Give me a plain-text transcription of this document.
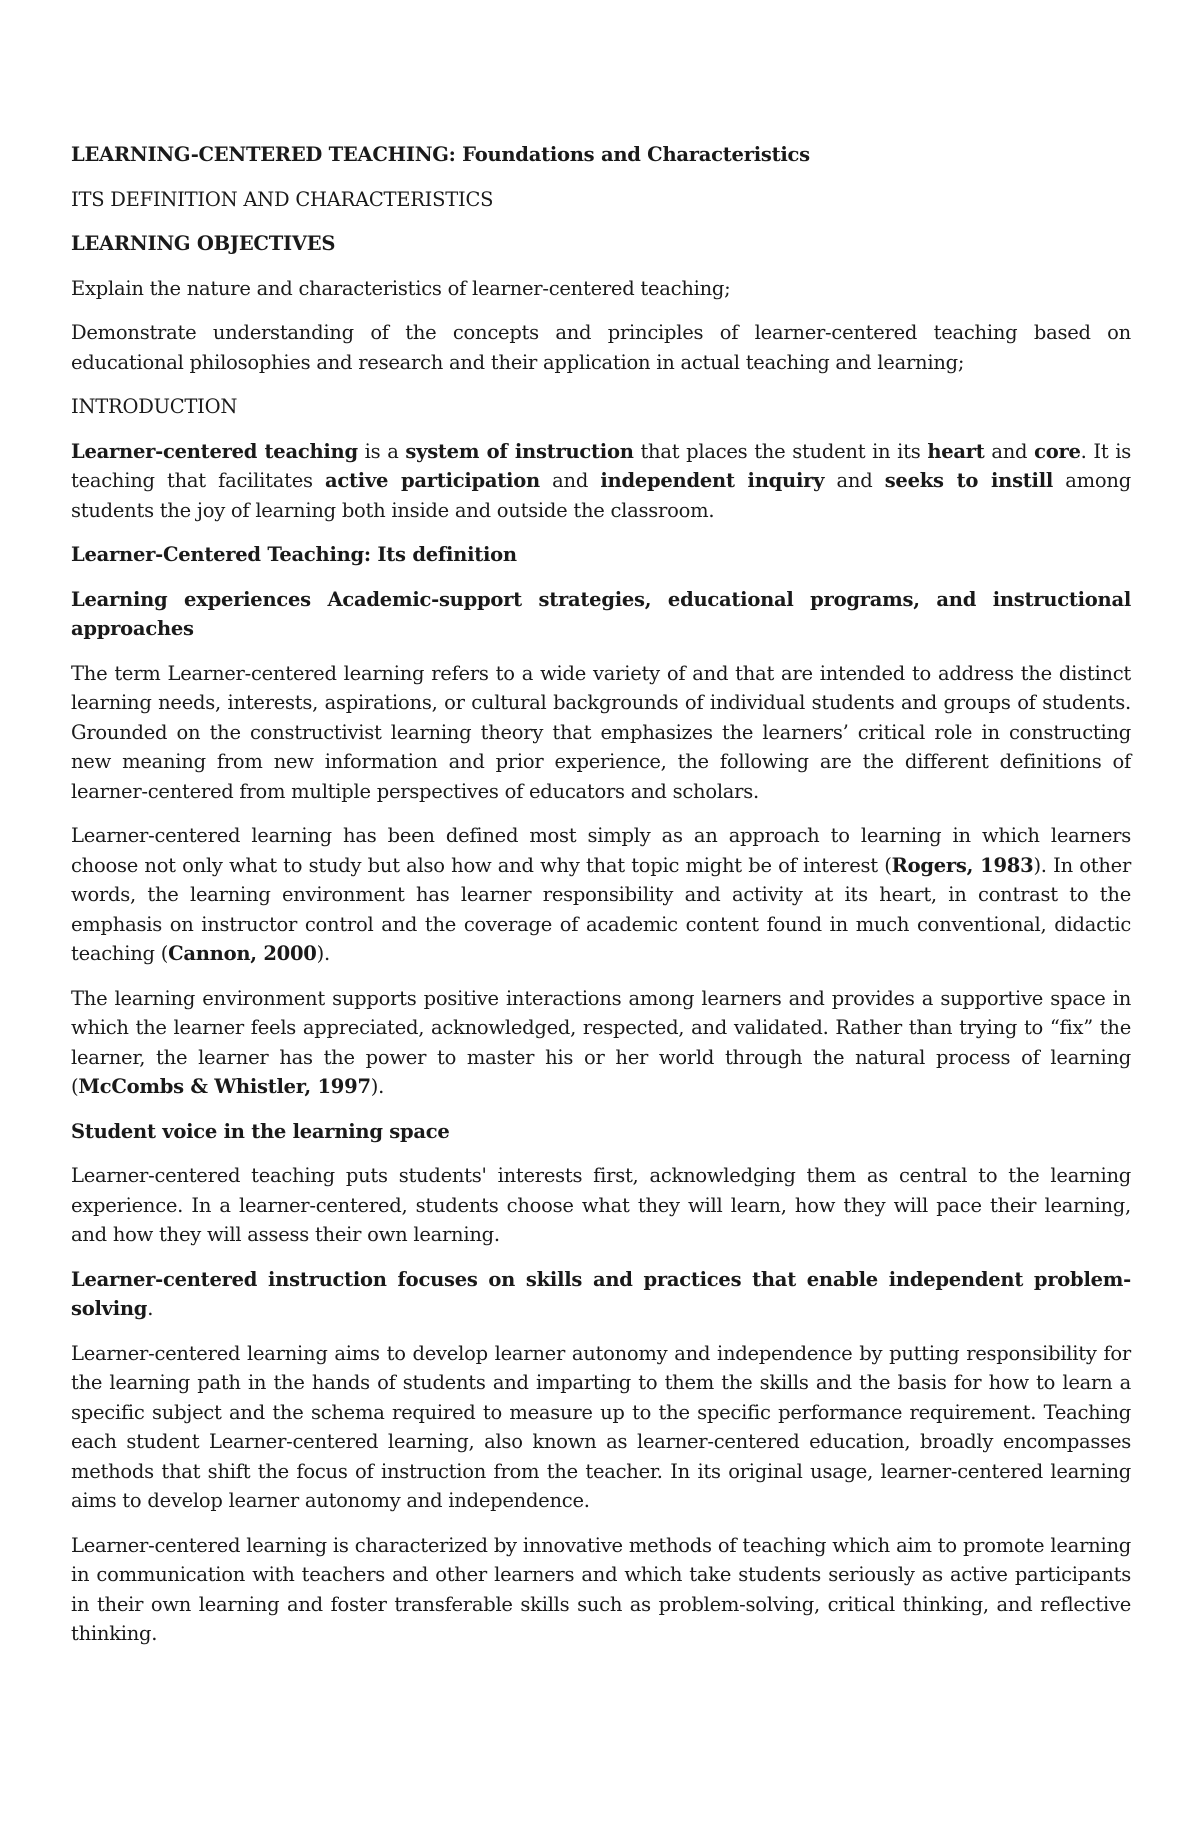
LEARNING-CENTERED TEACHING: Foundations and Characteristics

ITS DEFINITION AND CHARACTERISTICS

LEARNING OBJECTIVES

Explain the nature and characteristics of learner-centered teaching;

Demonstrate understanding of the concepts and principles of learner-centered teaching based on educational philosophies and research and their application in actual teaching and learning;

INTRODUCTION

Learner-centered teaching is a system of instruction that places the student in its heart and core. It is teaching that facilitates active participation and independent inquiry and seeks to instill among students the joy of learning both inside and outside the classroom.

Learner-Centered Teaching: Its definition

Learning experiences Academic-support strategies, educational programs, and instructional approaches

The term Learner-centered learning refers to a wide variety of and that are intended to address the distinct learning needs, interests, aspirations, or cultural backgrounds of individual students and groups of students. Grounded on the constructivist learning theory that emphasizes the learners’ critical role in constructing new meaning from new information and prior experience, the following are the different definitions of learner-centered from multiple perspectives of educators and scholars.

Learner-centered learning has been defined most simply as an approach to learning in which learners choose not only what to study but also how and why that topic might be of interest (Rogers, 1983). In other words, the learning environment has learner responsibility and activity at its heart, in contrast to the emphasis on instructor control and the coverage of academic content found in much conventional, didactic teaching (Cannon, 2000).

The learning environment supports positive interactions among learners and provides a supportive space in which the learner feels appreciated, acknowledged, respected, and validated. Rather than trying to “fix” the learner, the learner has the power to master his or her world through the natural process of learning (McCombs & Whistler, 1997).

Student voice in the learning space

Learner-centered teaching puts students' interests first, acknowledging them as central to the learning experience. In a learner-centered, students choose what they will learn, how they will pace their learning, and how they will assess their own learning.

Learner-centered instruction focuses on skills and practices that enable independent problem-solving.

Learner-centered learning aims to develop learner autonomy and independence by putting responsibility for the learning path in the hands of students and imparting to them the skills and the basis for how to learn a specific subject and the schema required to measure up to the specific performance requirement. Teaching each student Learner-centered learning, also known as learner-centered education, broadly encompasses methods that shift the focus of instruction from the teacher. In its original usage, learner-centered learning aims to develop learner autonomy and independence.

Learner-centered learning is characterized by innovative methods of teaching which aim to promote learning in communication with teachers and other learners and which take students seriously as active participants in their own learning and foster transferable skills such as problem-solving, critical thinking, and reflective thinking.
